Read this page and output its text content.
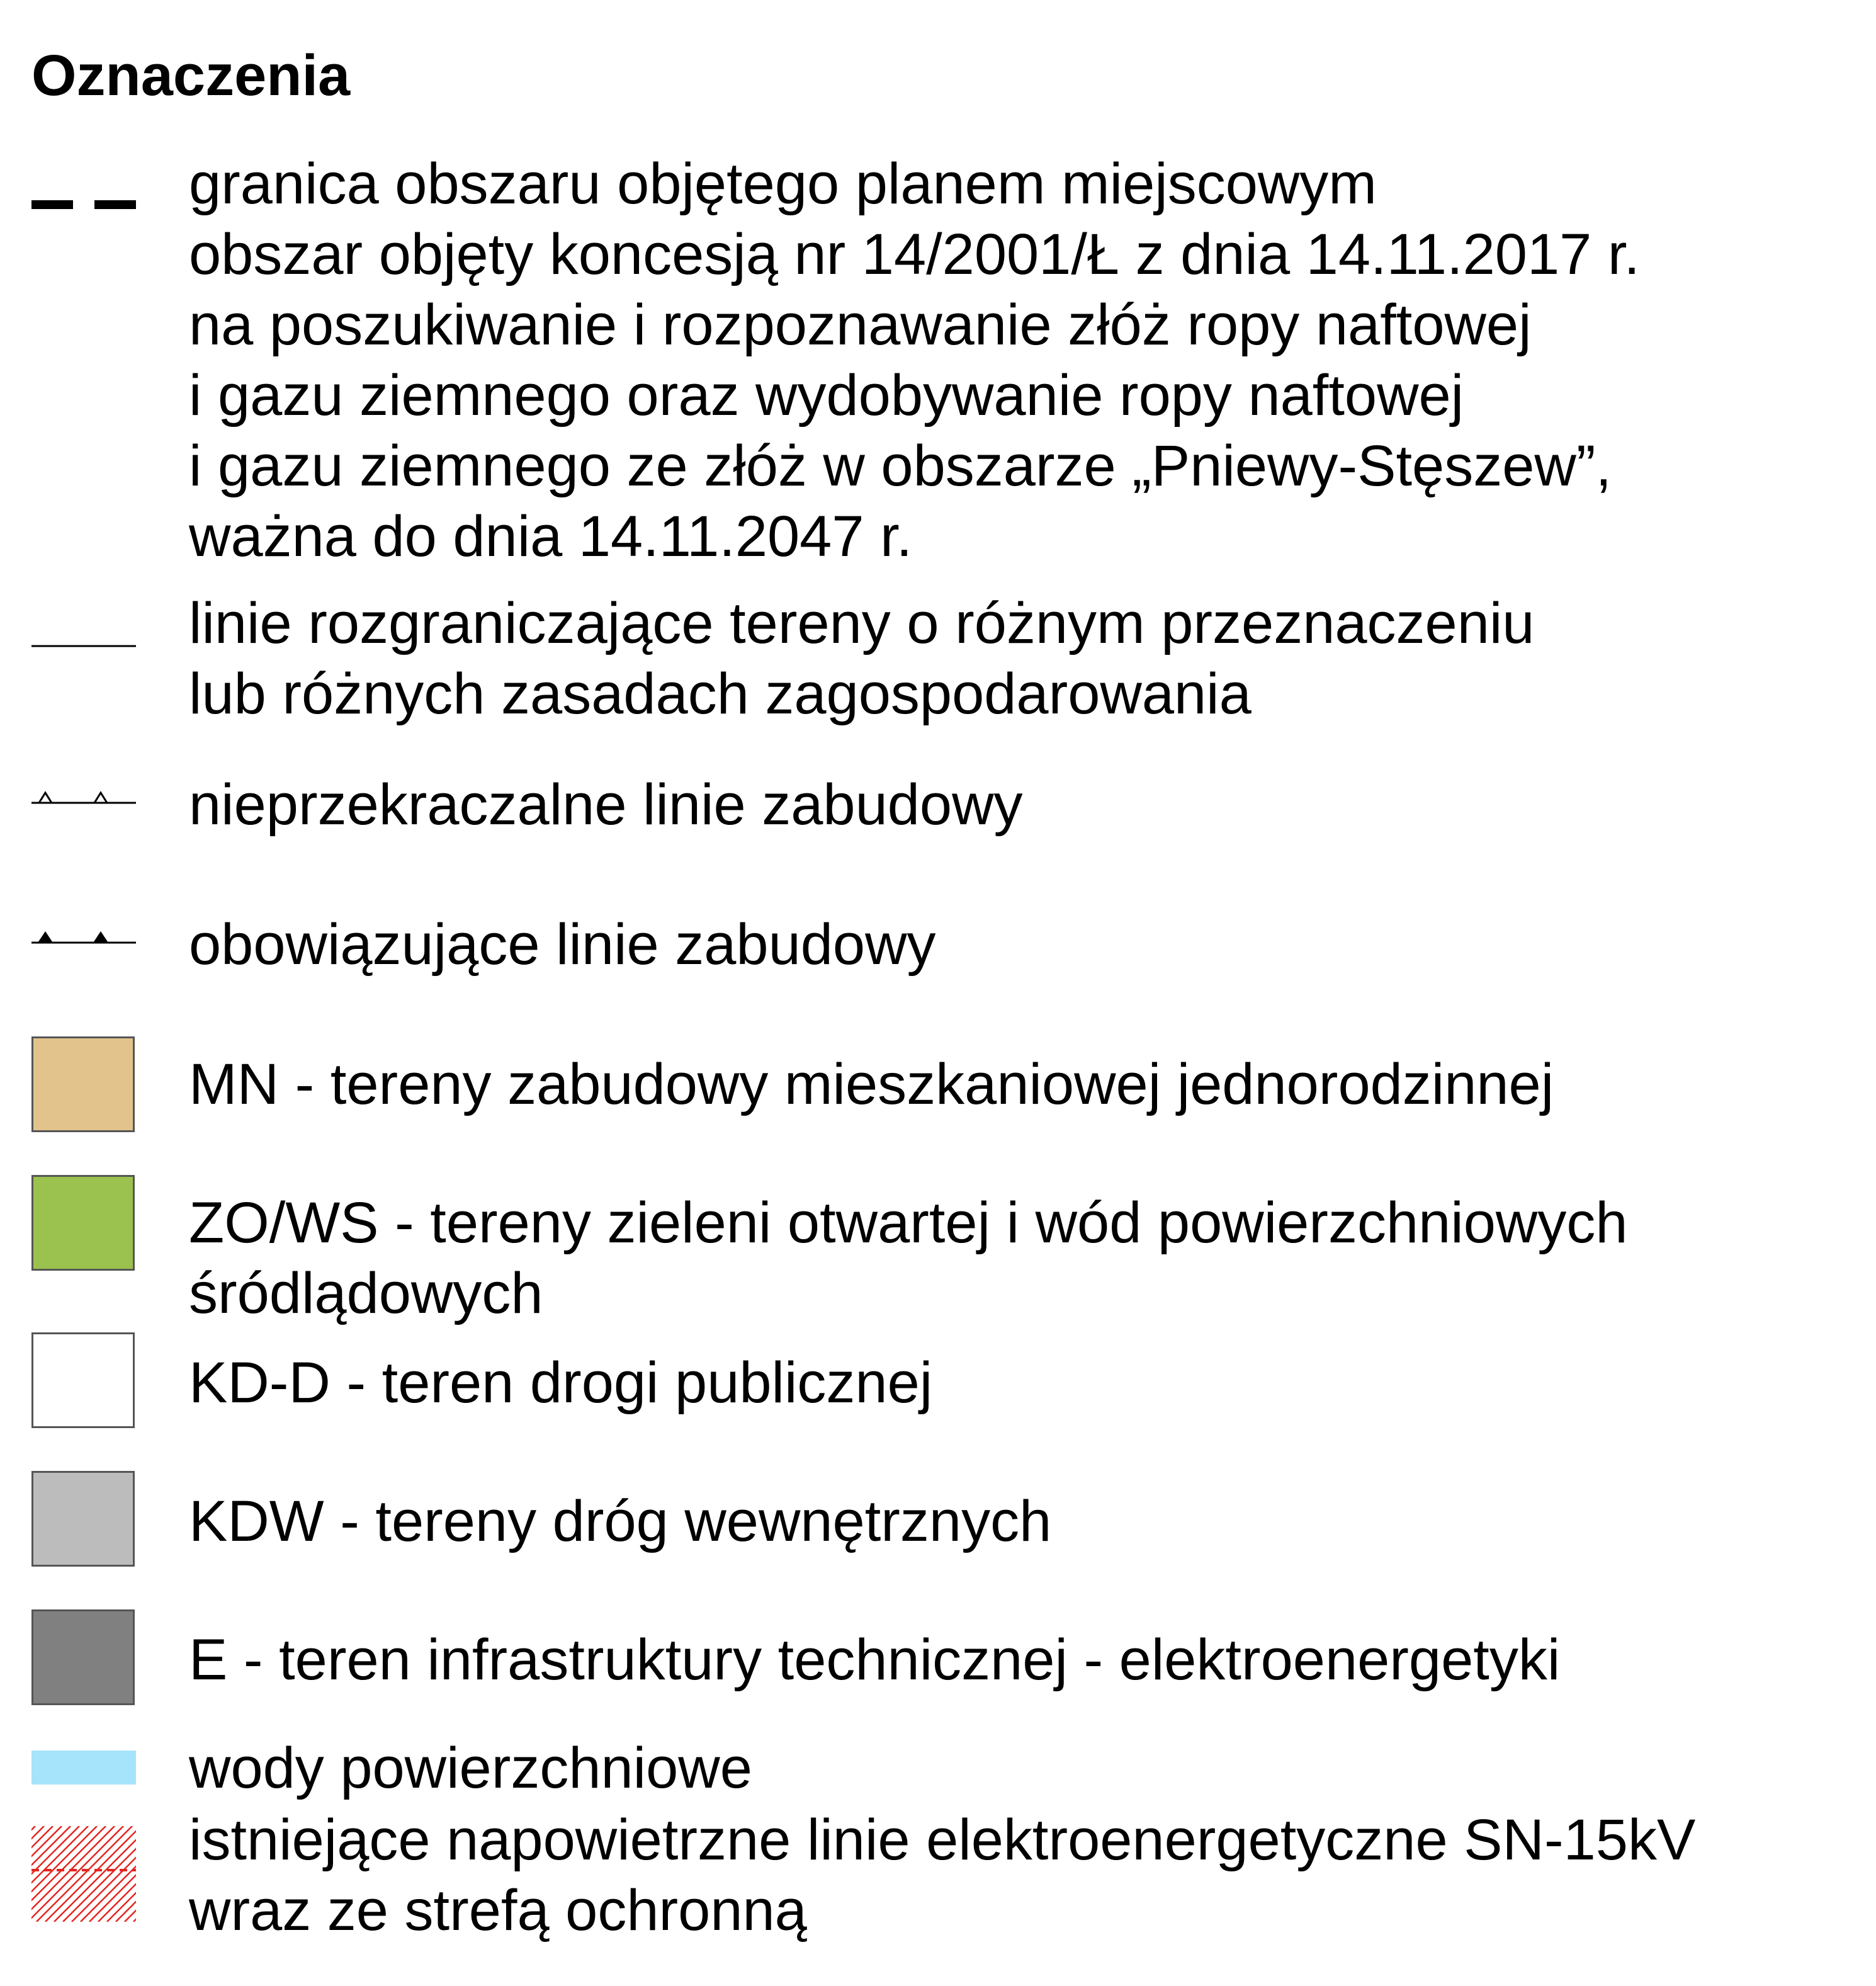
Oznaczenia
granica obszaru objętego planem miejscowym
obszar objęty koncesją nr 14/2001/Ł z dnia 14.11.2017 r.
na poszukiwanie i rozpoznawanie złóż ropy naftowej
i gazu ziemnego oraz wydobywanie ropy naftowej
i gazu ziemnego ze złóż w obszarze „Pniewy-Stęszew”,
ważna do dnia 14.11.2047 r.
linie rozgraniczające tereny o różnym przeznaczeniu
lub różnych zasadach zagospodarowania
nieprzekraczalne linie zabudowy
obowiązujące linie zabudowy
MN - tereny zabudowy mieszkaniowej jednorodzinnej
ZO/WS - tereny zieleni otwartej i wód powierzchniowych
śródlądowych
KD-D - teren drogi publicznej
KDW - tereny dróg wewnętrznych
E - teren infrastruktury technicznej - elektroenergetyki
wody powierzchniowe
istniejące napowietrzne linie elektroenergetyczne SN-15kV
wraz ze strefą ochronną
